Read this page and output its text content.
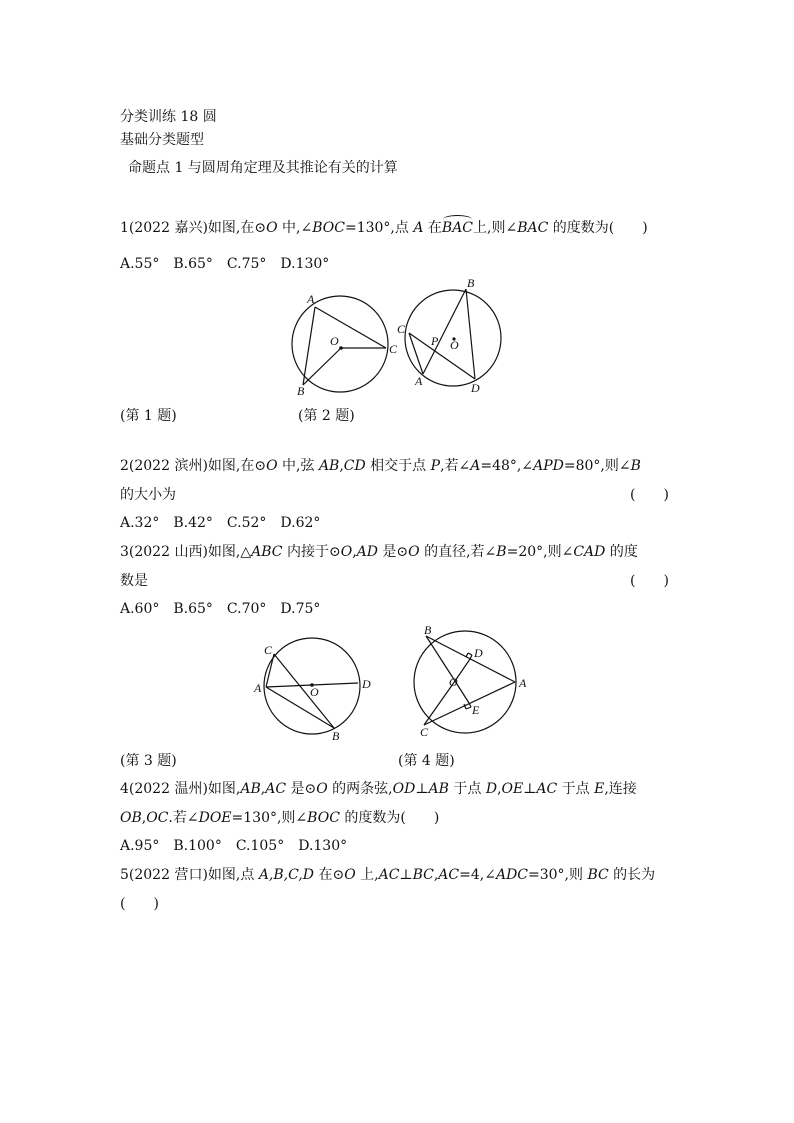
分类训练 18 圆
基础分类题型
命题点 1 与圆周角定理及其推论有关的计算
1(2022 嘉兴)如图,在⊙O 中,∠BOC=130°,点 A 在BAC上,则∠BAC 的度数为(　　)
A.55°　B.65°　C.75°　D.130°
A
O
C
B
B
C
P O
A	D
(第 1 题)	(第 2 题)
2(2022 滨州)如图,在⊙O 中,弦 AB,CD 相交于点 P,若∠A=48°,∠APD=80°,则∠B
的大小为	(　　)
A.32°　B.42°　C.52°　D.62°
3(2022 山西)如图,△ABC 内接于⊙O,AD 是⊙O 的直径,若∠B=20°,则∠CAD 的度
数是	(　　)
A.60°　B.65°　C.70°　D.75°
C
A	O
D
B
B
D
O	A
E
C
(第 3 题)	(第 4 题)
4(2022 温州)如图,AB,AC 是⊙O 的两条弦,OD⊥AB 于点 D,OE⊥AC 于点 E,连接
OB,OC.若∠DOE=130°,则∠BOC 的度数为(　　)
A.95°　B.100°　C.105°　D.130°
5(2022 营口)如图,点 A,B,C,D 在⊙O 上,AC⊥BC,AC=4,∠ADC=30°,则 BC 的长为
(　　)
